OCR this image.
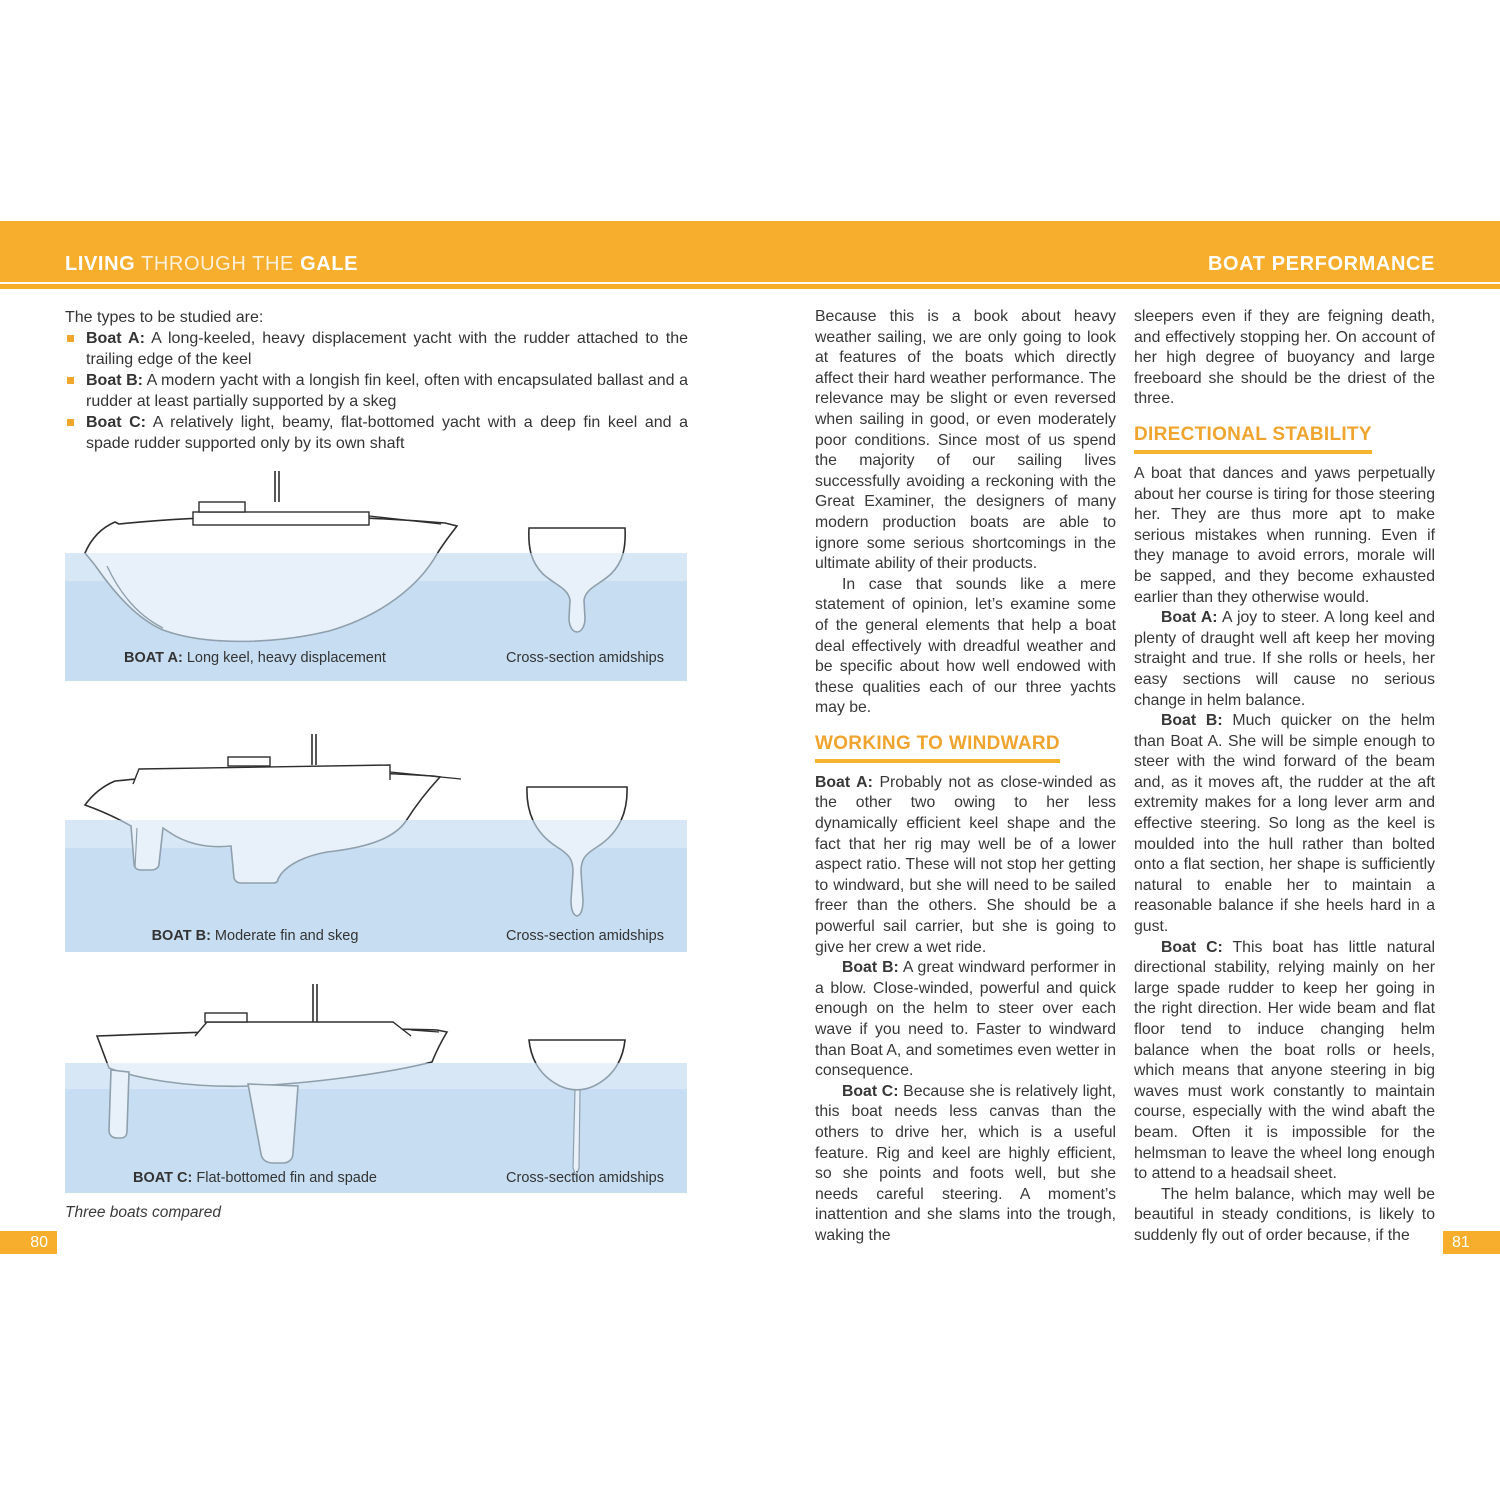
LIVING THROUGH THE GALE	BOAT PERFORMANCE
The types to be studied are:
Boat A: A long-keeled, heavy displacement yacht with the rudder attached to the trailing edge of the keel
Boat B: A modern yacht with a longish fin keel, often with encapsulated ballast and a rudder at least partially supported by a skeg
Boat C: A relatively light, beamy, flat-bottomed yacht with a deep fin keel and a spade rudder supported only by its own shaft
BOAT A: Long keel, heavy displacement	Cross-section amidships
BOAT B: Moderate fin and skeg	Cross-section amidships
BOAT C: Flat-bottomed fin and spade	Cross-section amidships
Three boats compared
80	81

Because this is a book about heavy weather sailing, we are only going to look at features of the boats which directly affect their hard weather performance. The relevance may be slight or even reversed when sailing in good, or even moderately poor conditions. Since most of us spend the majority of our sailing lives successfully avoiding a reckoning with the Great Examiner, the designers of many modern production boats are able to ignore some serious shortcomings in the ultimate ability of their products.

In case that sounds like a mere statement of opinion, let’s examine some of the general elements that help a boat deal effectively with dreadful weather and be specific about how well endowed with these qualities each of our three yachts may be.

WORKING TO WINDWARD

Boat A: Probably not as close-winded as the other two owing to her less dynamically efficient keel shape and the fact that her rig may well be of a lower aspect ratio. These will not stop her getting to windward, but she will need to be sailed freer than the others. She should be a powerful sail carrier, but she is going to give her crew a wet ride.

Boat B: A great windward performer in a blow. Close-winded, powerful and quick enough on the helm to steer over each wave if you need to. Faster to windward than Boat A, and sometimes even wetter in consequence.

Boat C: Because she is relatively light, this boat needs less canvas than the others to drive her, which is a useful feature. Rig and keel are highly efficient, so she points and foots well, but she needs careful steering. A moment’s inattention and she slams into the trough, waking the

sleepers even if they are feigning death, and effectively stopping her. On account of her high degree of buoyancy and large freeboard she should be the driest of the three.

DIRECTIONAL STABILITY

A boat that dances and yaws perpetually about her course is tiring for those steering her. They are thus more apt to make serious mistakes when running. Even if they manage to avoid errors, morale will be sapped, and they become exhausted earlier than they otherwise would.

Boat A: A joy to steer. A long keel and plenty of draught well aft keep her moving straight and true. If she rolls or heels, her easy sections will cause no serious change in helm balance.

Boat B: Much quicker on the helm than Boat A. She will be simple enough to steer with the wind forward of the beam and, as it moves aft, the rudder at the aft extremity makes for a long lever arm and effective steering. So long as the keel is moulded into the hull rather than bolted onto a flat section, her shape is sufficiently natural to enable her to maintain a reasonable balance if she heels hard in a gust.

Boat C: This boat has little natural directional stability, relying mainly on her large spade rudder to keep her going in the right direction. Her wide beam and flat floor tend to induce changing helm balance when the boat rolls or heels, which means that anyone steering in big waves must work constantly to maintain course, especially with the wind abaft the beam. Often it is impossible for the helmsman to leave the wheel long enough to attend to a headsail sheet.

The helm balance, which may well be beautiful in steady conditions, is likely to suddenly fly out of order because, if the
